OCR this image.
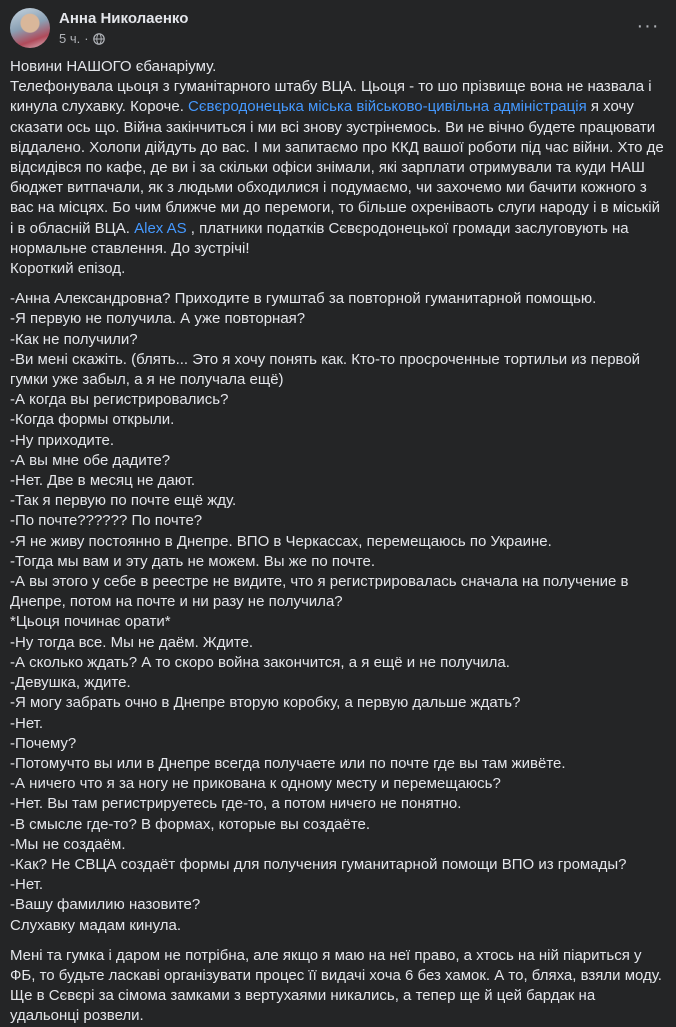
Анна Николаенко
5 ч. ·
···

Новини НАШОГО єбанаріуму.

Телефонувала цьоця з гуманітарного штабу ВЦА. Цьоця - то шо прізвище вона не назвала і кинула слухавку. Короче. Сєвєродонецька міська військово-цивільна адміністрація я хочу сказати ось що. Війна закінчиться і ми всі знову зустрінемось. Ви не вічно будете працювати віддалено. Холопи дійдуть до вас. І ми запитаємо про ККД вашої роботи під час війни. Хто де відсидівся по кафе, де ви і за скільки офіси знімали, які зарплати отримували та куди НАШ бюджет витпачали, як з людьми обходилися і подумаємо, чи захочемо ми бачити кожного з вас на місцях. Бо чим ближче ми до перемоги, то більше охреніваоть слуги народу і в міській і в обласній ВЦА. Alex AS , платники податків Сєвєродонецької громади заслуговують на нормальне ставлення. До зустрічі!

Короткий епізод.

-Анна Александровна? Приходите в гумштаб за повторной гуманитарной помощью.

-Я первую не получила. А уже повторная?

-Как не получили?

-Ви мені скажіть. (блять... Это я хочу понять как. Кто-то просроченные тортильи из первой гумки уже забыл, а я не получала ещё)

-А когда вы регистрировались?

-Когда формы открыли.

-Ну приходите.

-А вы мне обе дадите?

-Нет. Две в месяц не дают.

-Так я первую по почте ещё жду.

-По почте?????? По почте?

-Я не живу постоянно в Днепре. ВПО в Черкассах, перемещаюсь по Украине.

-Тогда мы вам и эту дать не можем. Вы же по почте.

-А вы этого у себе в реестре не видите, что я регистрировалась сначала на получение в Днепре, потом на почте и ни разу не получила?

*Цьоця починає орати*

-Ну тогда все. Мы не даём. Ждите.

-А сколько ждать? А то скоро война закончится, а я ещё и не получила.

-Девушка, ждите.

-Я могу забрать очно в Днепре вторую коробку, а первую дальше ждать?

-Нет.

-Почему?

-Потомучто вы или в Днепре всегда получаете или по почте где вы там живёте.

-А ничего что я за ногу не прикована к одному месту и перемещаюсь?

-Нет. Вы там регистрируетесь где-то, а потом ничего не понятно.

-В смысле где-то? В формах, которые вы создаёте.

-Мы не создаём.

-Как? Не СВЦА создаёт формы для получения гуманитарной помощи ВПО из громады?

-Нет.

-Вашу фамилию назовите?

Слухавку мадам кинула.

Мені та гумка і даром не потрібна, але якщо я маю на неї право, а хтось на ній піариться у ФБ, то будьте ласкаві організувати процес її видачі хоча 6 без хамок. А то, бляха, взяли моду. Ще в Сєвєрі за сімома замками з вертухаями никались, а тепер ще й цей бардак на удальонці розвели.
